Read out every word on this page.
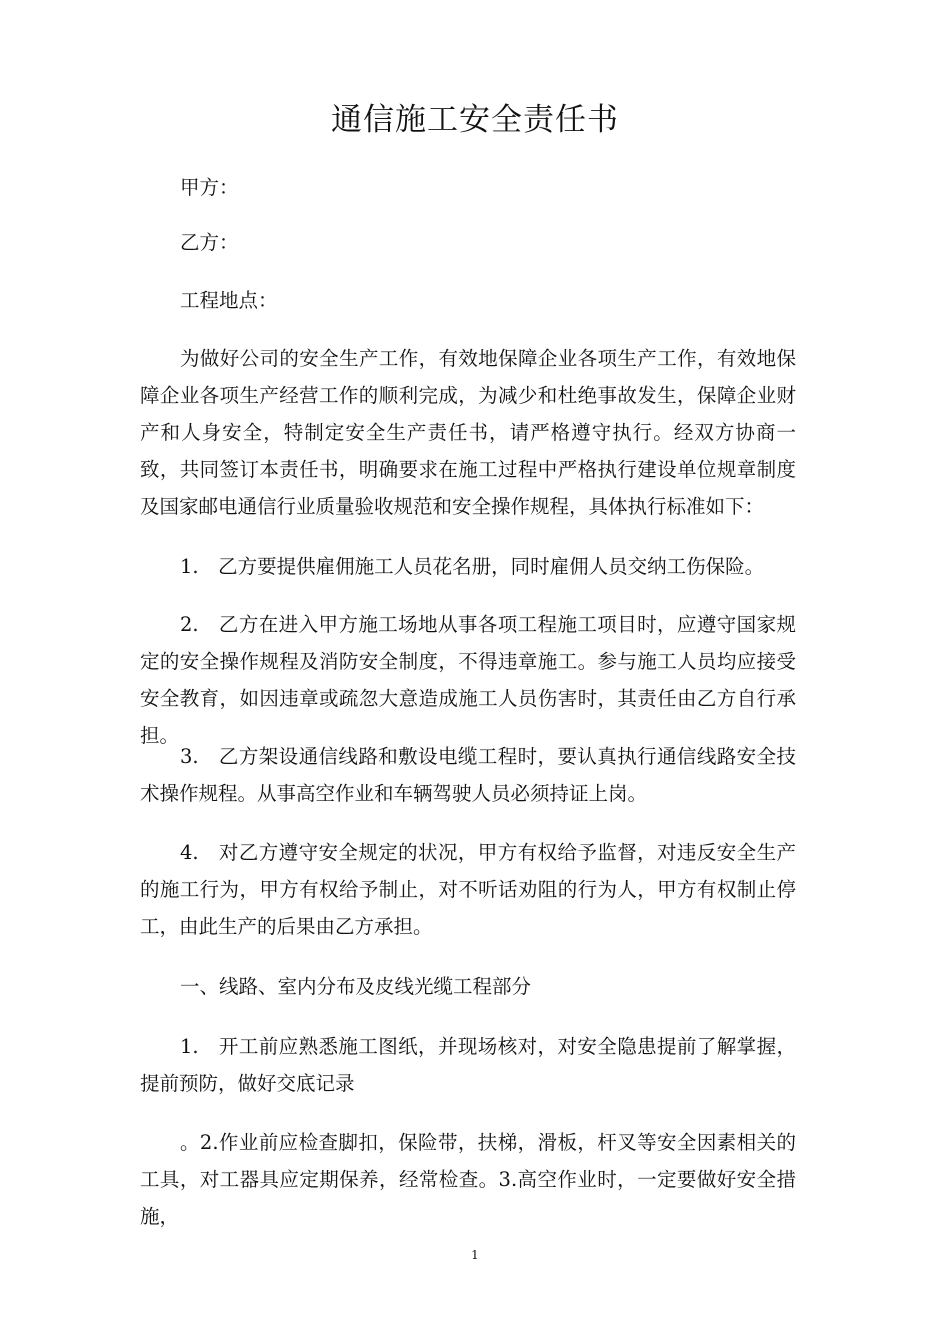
通信施工安全责任书

甲方：

乙方：

工程地点：

为做好公司的安全生产工作，有效地保障企业各项生产工作，有效地保障企业各项生产经营工作的顺利完成，为减少和杜绝事故发生，保障企业财产和人身安全，特制定安全生产责任书，请严格遵守执行。经双方协商一致，共同签订本责任书，明确要求在施工过程中严格执行建设单位规章制度及国家邮电通信行业质量验收规范和安全操作规程，具体执行标准如下：

1.　乙方要提供雇佣施工人员花名册，同时雇佣人员交纳工伤保险。

2.　乙方在进入甲方施工场地从事各项工程施工项目时，应遵守国家规定的安全操作规程及消防安全制度，不得违章施工。参与施工人员均应接受安全教育，如因违章或疏忽大意造成施工人员伤害时，其责任由乙方自行承担。

3.　乙方架设通信线路和敷设电缆工程时，要认真执行通信线路安全技术操作规程。从事高空作业和车辆驾驶人员必须持证上岗。

4.　对乙方遵守安全规定的状况，甲方有权给予监督，对违反安全生产的施工行为，甲方有权给予制止，对不听话劝阻的行为人，甲方有权制止停工，由此生产的后果由乙方承担。

一、线路、室内分布及皮线光缆工程部分

1.　开工前应熟悉施工图纸，并现场核对，对安全隐患提前了解掌握，提前预防，做好交底记录

。2.作业前应检查脚扣，保险带，扶梯，滑板，杆叉等安全因素相关的工具，对工器具应定期保养，经常检查。3.高空作业时，一定要做好安全措施，

1
